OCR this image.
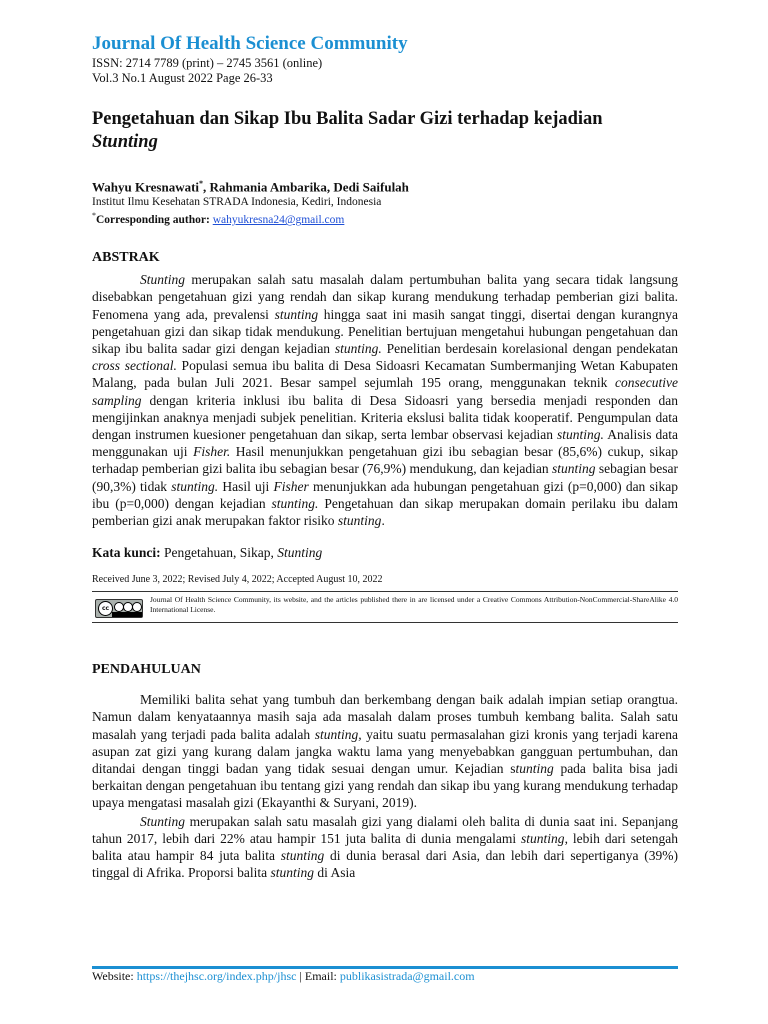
Journal Of Health Science Community
ISSN: 2714 7789 (print) – 2745 3561 (online)
Vol.3 No.1 August 2022 Page 26-33
Pengetahuan dan Sikap Ibu Balita Sadar Gizi terhadap kejadian
Stunting
Wahyu Kresnawati*, Rahmania Ambarika, Dedi Saifulah
Institut Ilmu Kesehatan STRADA Indonesia, Kediri, Indonesia
*Corresponding author: wahyukresna24@gmail.com
ABSTRAK

Stunting merupakan salah satu masalah dalam pertumbuhan balita yang secara tidak langsung disebabkan pengetahuan gizi yang rendah dan sikap kurang mendukung terhadap pemberian gizi balita. Fenomena yang ada, prevalensi stunting hingga saat ini masih sangat tinggi, disertai dengan kurangnya pengetahuan gizi dan sikap tidak mendukung. Penelitian bertujuan mengetahui hubungan pengetahuan dan sikap ibu balita sadar gizi dengan kejadian stunting. Penelitian berdesain korelasional dengan pendekatan cross sectional. Populasi semua ibu balita di Desa Sidoasri Kecamatan Sumbermanjing Wetan Kabupaten Malang, pada bulan Juli 2021. Besar sampel sejumlah 195 orang, menggunakan teknik consecutive sampling dengan kriteria inklusi ibu balita di Desa Sidoasri yang bersedia menjadi responden dan mengijinkan anaknya menjadi subjek penelitian. Kriteria ekslusi balita tidak kooperatif. Pengumpulan data dengan instrumen kuesioner pengetahuan dan sikap, serta lembar observasi kejadian stunting. Analisis data menggunakan uji Fisher. Hasil menunjukkan pengetahuan gizi ibu sebagian besar (85,6%) cukup, sikap terhadap pemberian gizi balita ibu sebagian besar (76,9%) mendukung, dan kejadian stunting sebagian besar (90,3%) tidak stunting. Hasil uji Fisher menunjukkan ada hubungan pengetahuan gizi (p=0,000) dan sikap ibu (p=0,000) dengan kejadian stunting. Pengetahuan dan sikap merupakan domain perilaku ibu dalam pemberian gizi anak merupakan faktor risiko stunting.

Kata kunci: Pengetahuan, Sikap, Stunting
Received June 3, 2022; Revised July 4, 2022; Accepted August 10, 2022
cc
Journal Of Health Science Community, its website, and the articles published there in are licensed under a Creative Commons Attribution-NonCommercial-ShareAlike 4.0 International License.
PENDAHULUAN

Memiliki balita sehat yang tumbuh dan berkembang dengan baik adalah impian setiap orangtua. Namun dalam kenyataannya masih saja ada masalah dalam proses tumbuh kembang balita. Salah satu masalah yang terjadi pada balita adalah stunting, yaitu suatu permasalahan gizi kronis yang terjadi karena asupan zat gizi yang kurang dalam jangka waktu lama yang menyebabkan gangguan pertumbuhan, dan ditandai dengan tinggi badan yang tidak sesuai dengan umur. Kejadian stunting pada balita bisa jadi berkaitan dengan pengetahuan ibu tentang gizi yang rendah dan sikap ibu yang kurang mendukung terhadap upaya mengatasi masalah gizi (Ekayanthi & Suryani, 2019).

Stunting merupakan salah satu masalah gizi yang dialami oleh balita di dunia saat ini. Sepanjang tahun 2017, lebih dari 22% atau hampir 151 juta balita di dunia mengalami stunting, lebih dari setengah balita atau hampir 84 juta balita stunting di dunia berasal dari Asia, dan lebih dari sepertiganya (39%) tinggal di Afrika. Proporsi balita stunting di Asia

Website: https://thejhsc.org/index.php/jhsc | Email: publikasistrada@gmail.com
